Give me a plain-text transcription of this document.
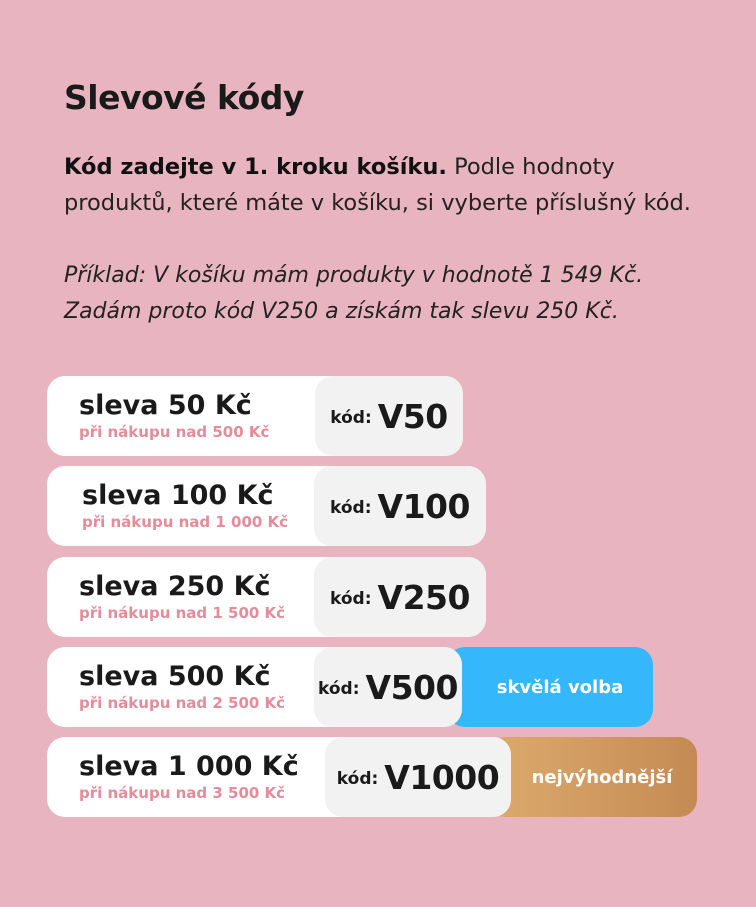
Slevové kódy

Kód zadejte v 1. kroku košíku. Podle hodnoty produktů, které máte v košíku, si vyberte příslušný kód.

Příklad: V košíku mám produkty v hodnotě 1 549 Kč.
Zadám proto kód V250 a získám tak slevu 250 Kč.

sleva 50 Kč
při nákupu nad 500 Kč
kód: V50
sleva 100 Kč
při nákupu nad 1 000 Kč
kód: V100
sleva 250 Kč
při nákupu nad 1 500 Kč
kód: V250
skvělá volba
sleva 500 Kč
při nákupu nad 2 500 Kč
kód: V500
nejvýhodnější
sleva 1 000 Kč
při nákupu nad 3 500 Kč
kód: V1000
